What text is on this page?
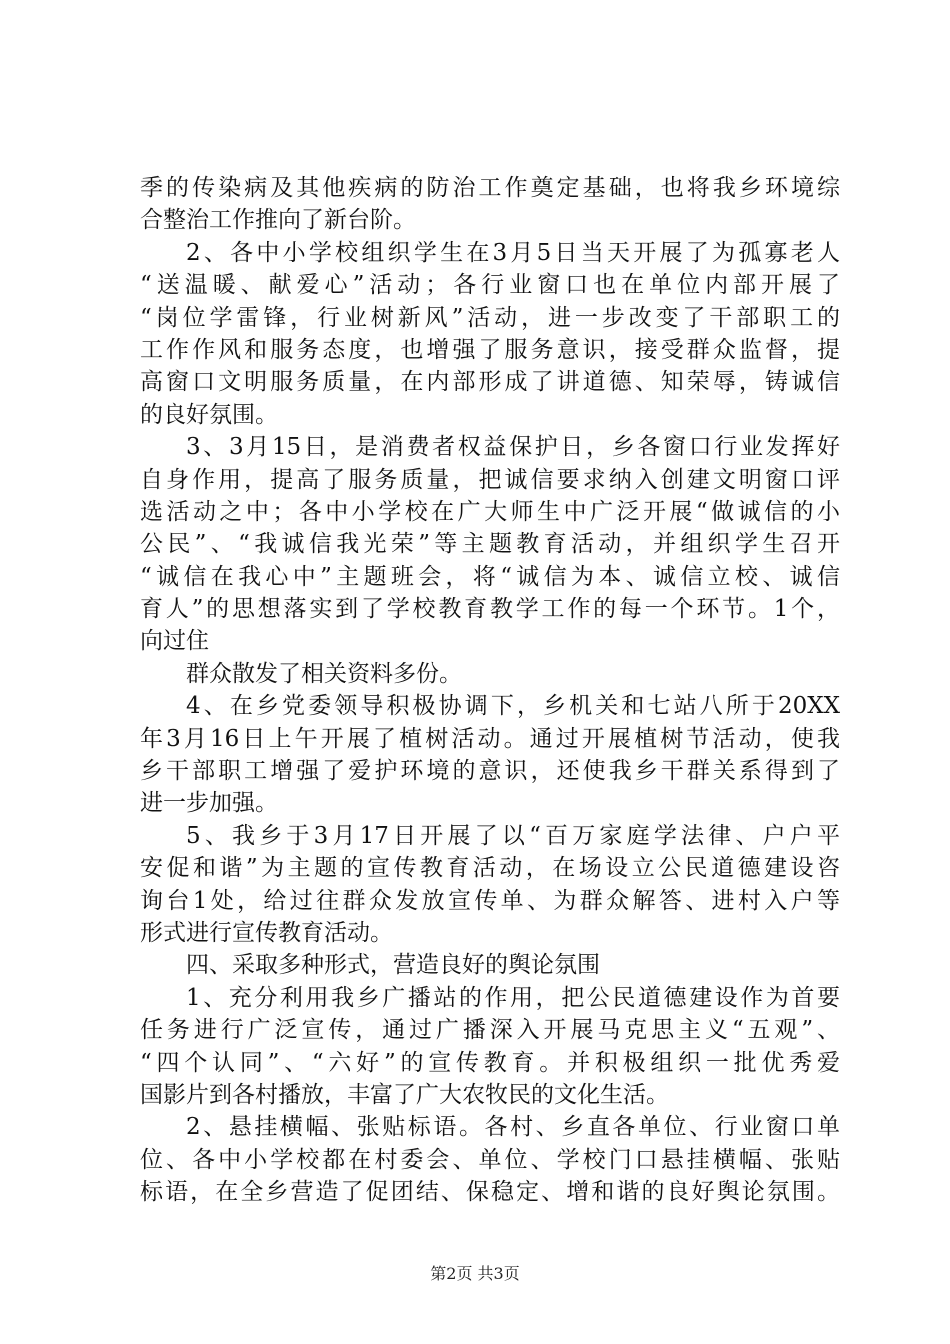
季的传染病及其他疾病的防治工作奠定基础，也将我乡环境综
合整治工作推向了新台阶。
2、各中小学校组织学生在3月5日当天开展了为孤寡老人
“送温暖、献爱心”活动；各行业窗口也在单位内部开展了
“岗位学雷锋，行业树新风”活动，进一步改变了干部职工的
工作作风和服务态度，也增强了服务意识，接受群众监督，提
高窗口文明服务质量，在内部形成了讲道德、知荣辱，铸诚信
的良好氛围。
3、3月15日，是消费者权益保护日，乡各窗口行业发挥好
自身作用，提高了服务质量，把诚信要求纳入创建文明窗口评
选活动之中；各中小学校在广大师生中广泛开展“做诚信的小
公民”、“我诚信我光荣”等主题教育活动，并组织学生召开
“诚信在我心中”主题班会，将“诚信为本、诚信立校、诚信
育人”的思想落实到了学校教育教学工作的每一个环节。1个，
向过住
群众散发了相关资料多份。
4、在乡党委领导积极协调下，乡机关和七站八所于20XX
年3月16日上午开展了植树活动。通过开展植树节活动，使我
乡干部职工增强了爱护环境的意识，还使我乡干群关系得到了
进一步加强。
5、我乡于3月17日开展了以“百万家庭学法律、户户平
安促和谐”为主题的宣传教育活动，在场设立公民道德建设咨
询台1处，给过往群众发放宣传单、为群众解答、进村入户等
形式进行宣传教育活动。
四、采取多种形式，营造良好的舆论氛围
1、充分利用我乡广播站的作用，把公民道德建设作为首要
任务进行广泛宣传，通过广播深入开展马克思主义“五观”、
“四个认同”、“六好”的宣传教育。并积极组织一批优秀爱
国影片到各村播放，丰富了广大农牧民的文化生活。
2、悬挂横幅、张贴标语。各村、乡直各单位、行业窗口单
位、各中小学校都在村委会、单位、学校门口悬挂横幅、张贴
标语，在全乡营造了促团结、保稳定、增和谐的良好舆论氛围。
第2页 共3页
